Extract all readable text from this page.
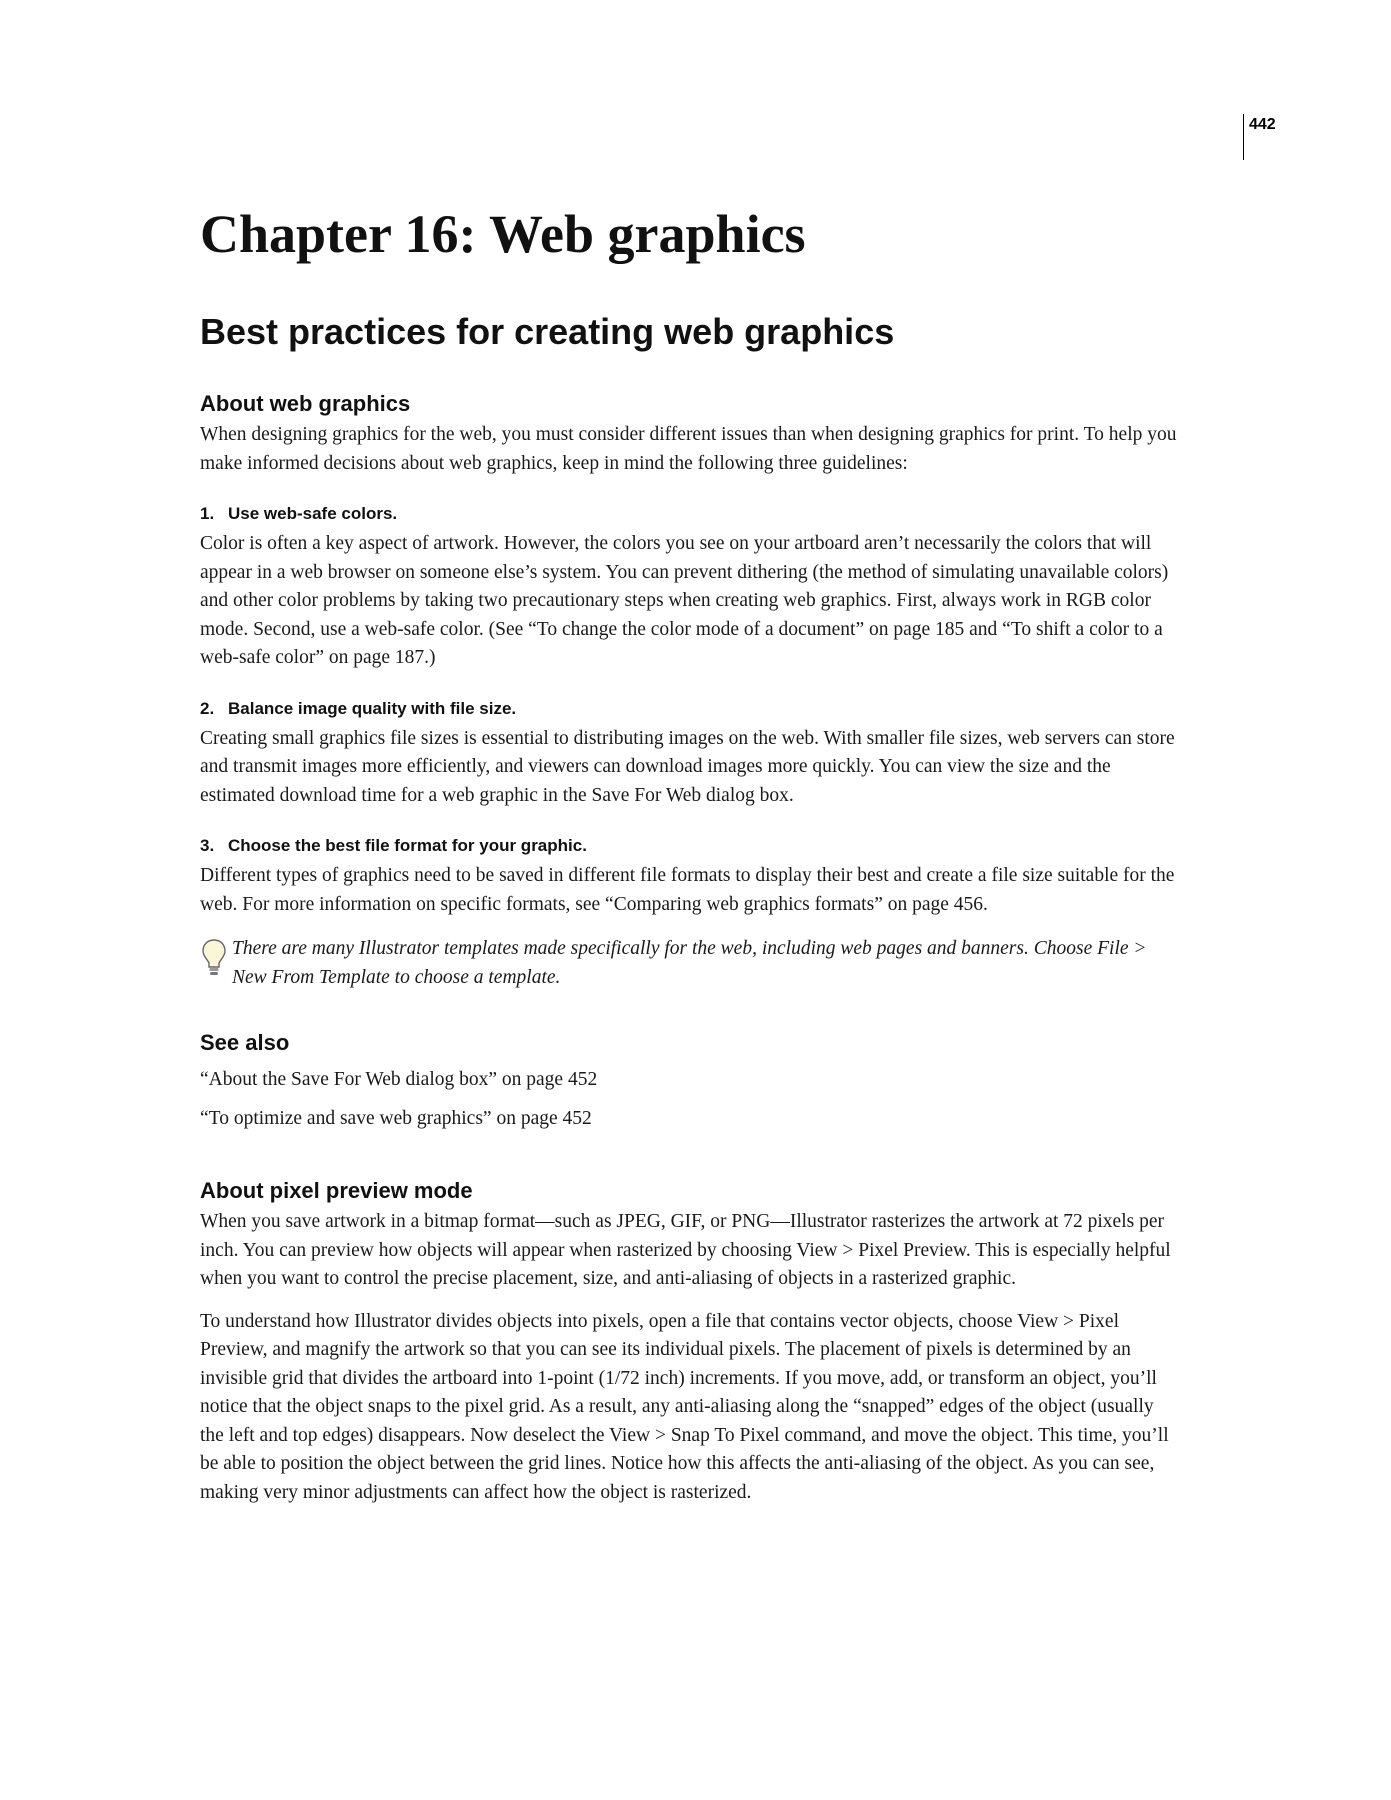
442
Chapter 16: Web graphics
Best practices for creating web graphics
About web graphics

When designing graphics for the web, you must consider different issues than when designing graphics for print. To help you make informed decisions about web graphics, keep in mind the following three guidelines:

1. Use web-safe colors.

Color is often a key aspect of artwork. However, the colors you see on your artboard aren’t necessarily the colors that will appear in a web browser on someone else’s system. You can prevent dithering (the method of simulating unavailable colors) and other color problems by taking two precautionary steps when creating web graphics. First, always work in RGB color mode. Second, use a web-safe color. (See “To change the color mode of a document” on page 185 and “To shift a color to a web-safe color” on page 187.)

2. Balance image quality with file size.

Creating small graphics file sizes is essential to distributing images on the web. With smaller file sizes, web servers can store and transmit images more efficiently, and viewers can download images more quickly. You can view the size and the estimated download time for a web graphic in the Save For Web dialog box.

3. Choose the best file format for your graphic.

Different types of graphics need to be saved in different file formats to display their best and create a file size suitable for the web. For more information on specific formats, see “Comparing web graphics formats” on page 456.

There are many Illustrator templates made specifically for the web, including web pages and banners. Choose File > New From Template to choose a template.

See also

“About the Save For Web dialog box” on page 452

“To optimize and save web graphics” on page 452

About pixel preview mode

When you save artwork in a bitmap format—such as JPEG, GIF, or PNG—Illustrator rasterizes the artwork at 72 pixels per inch. You can preview how objects will appear when rasterized by choosing View > Pixel Preview. This is especially helpful when you want to control the precise placement, size, and anti-aliasing of objects in a rasterized graphic.

To understand how Illustrator divides objects into pixels, open a file that contains vector objects, choose View > Pixel Preview, and magnify the artwork so that you can see its individual pixels. The placement of pixels is determined by an invisible grid that divides the artboard into 1-point (1/72 inch) increments. If you move, add, or transform an object, you’ll notice that the object snaps to the pixel grid. As a result, any anti-aliasing along the “snapped” edges of the object (usually the left and top edges) disappears. Now deselect the View > Snap To Pixel command, and move the object. This time, you’ll be able to position the object between the grid lines. Notice how this affects the anti-aliasing of the object. As you can see, making very minor adjustments can affect how the object is rasterized.
